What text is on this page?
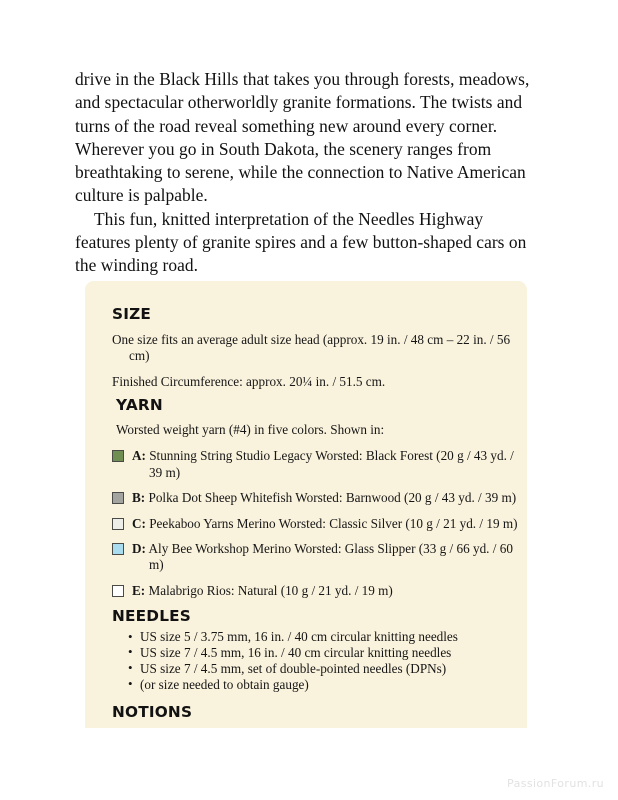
drive in the Black Hills that takes you through forests, meadows, and spectacular otherworldly granite formations. The twists and turns of the road reveal something new around every corner. Wherever you go in South Dakota, the scenery ranges from breathtaking to serene, while the connection to Native American culture is palpable.

This fun, knitted interpretation of the Needles Highway features plenty of granite spires and a few button-shaped cars on the winding road.

SIZE

One size fits an average adult size head (approx. 19 in. / 48 cm – 22 in. / 56 cm)

Finished Circumference: approx. 20¼ in. / 51.5 cm.

YARN

Worsted weight yarn (#4) in five colors. Shown in:

A: Stunning String Studio Legacy Worsted: Black Forest (20 g / 43 yd. / 39 m)
B: Polka Dot Sheep Whitefish Worsted: Barnwood (20 g / 43 yd. / 39 m)
C: Peekaboo Yarns Merino Worsted: Classic Silver (10 g / 21 yd. / 19 m)
D: Aly Bee Workshop Merino Worsted: Glass Slipper (33 g / 66 yd. / 60 m)
E: Malabrigo Rios: Natural (10 g / 21 yd. / 19 m)
NEEDLES
• US size 5 / 3.75 mm, 16 in. / 40 cm circular knitting needles
• US size 7 / 4.5 mm, 16 in. / 40 cm circular knitting needles
• US size 7 / 4.5 mm, set of double-pointed needles (DPNs)
• (or size needed to obtain gauge)
NOTIONS
PassionForum.ru
